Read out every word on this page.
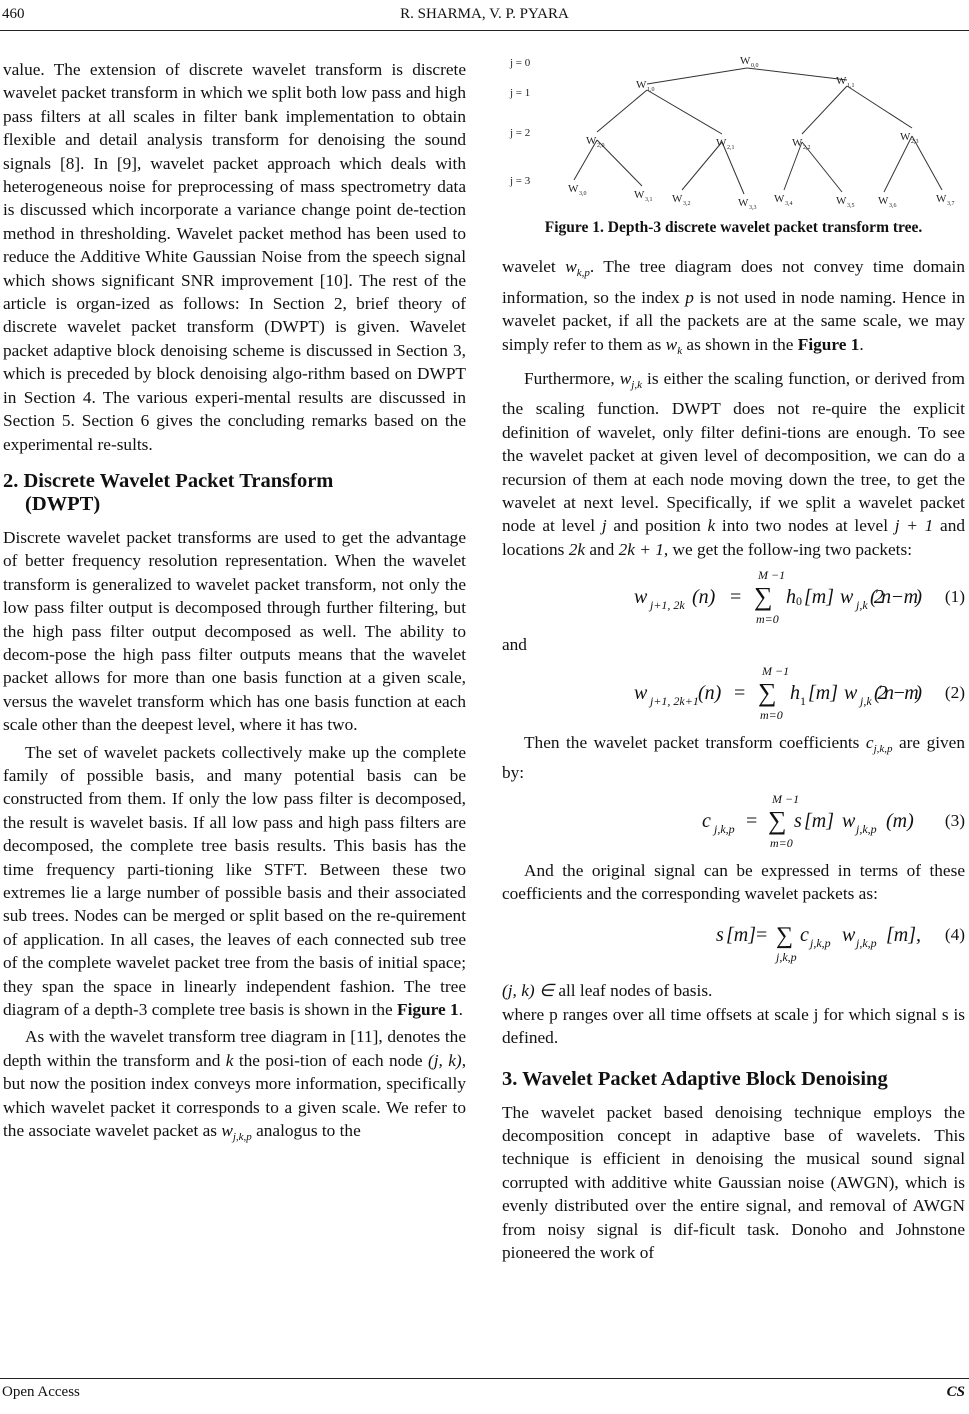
460	R. SHARMA, V. P. PYARA

value. The extension of discrete wavelet transform is discrete wavelet packet transform in which we split both low pass and high pass filters at all scales in filter bank implementation to obtain flexible and detail analysis transform for denoising the sound signals [8]. In [9], wavelet packet approach which deals with heterogeneous noise for preprocessing of mass spectrometry data is discussed which incorporate a variance change point de-tection method in thresholding. Wavelet packet method has been used to reduce the Additive White Gaussian Noise from the speech signal which shows significant SNR improvement [10]. The rest of the article is organ-ized as follows: In Section 2, brief theory of discrete wavelet packet transform (DWPT) is given. Wavelet packet adaptive block denoising scheme is discussed in Section 3, which is preceded by block denoising algo-rithm based on DWPT in Section 4. The various experi-mental results are discussed in Section 5. Section 6 gives the concluding remarks based on the experimental re-sults.

2. Discrete Wavelet Packet Transform
(DWPT)

Discrete wavelet packet transforms are used to get the advantage of better frequency resolution representation. When the wavelet transform is generalized to wavelet packet transform, not only the low pass filter output is decomposed through further filtering, but the high pass filter output decomposed as well. The ability to decom-pose the high pass filter outputs means that the wavelet packet allows for more than one basis function at a given scale, versus the wavelet transform which has one basis function at each scale other than the deepest level, where it has two.

The set of wavelet packets collectively make up the complete family of possible basis, and many potential basis can be constructed from them. If only the low pass filter is decomposed, the result is wavelet basis. If all low pass and high pass filters are decomposed, the complete tree basis results. This basis has the time frequency parti-tioning like STFT. Between these two extremes lie a large number of possible basis and their associated sub trees. Nodes can be merged or split based on the re-quirement of application. In all cases, the leaves of each connected sub tree of the complete wavelet packet tree from the basis of initial space; they span the space in linearly independent fashion. The tree diagram of a depth-3 complete tree basis is shown in the Figure 1.

As with the wavelet transform tree diagram in [11], denotes the depth within the transform and k the posi-tion of each node (j, k), but now the position index conveys more information, specifically which wavelet packet it corresponds to a given scale. We refer to the associate wavelet packet as $w_{j,k,p}$ analogus to the

j = 0
j = 1
j = 2
j = 3
W 0,0
W 1,0
W 1,1
W 2,0	W 2,1	W 2,2
W 2,3
W 3,0	W 3,1 W 3,2	W 3,3
W 3,4	W 3,5 W 3,6
W 3,7
Figure 1. Depth-3 discrete wavelet packet transform tree.

wavelet $w_{k,p}$. The tree diagram does not convey time domain information, so the index p is not used in node naming. Hence in wavelet packet, if all the packets are at the same scale, we may simply refer to them as $w_k$ as shown in the Figure 1.

Furthermore, $w_{j,k}$ is either the scaling function, or derived from the scaling function. DWPT does not re-quire the explicit definition of wavelet, only filter defini-tions are enough. To see the wavelet packet at given level of decomposition, we can do a recursion of them at each node moving down the tree, to get the wavelet at next level. Specifically, if we split a wavelet packet node at level j and position k into two nodes at level j + 1 and locations 2k and 2k + 1, we get the follow-ing two packets:

w j+1, 2k (n) =
M −1
∑
m=0
h 0 [m] w j,k (2n − m) (1)

and

w j+1, 2k+1 (n) =
M −1
∑
m=0
h 1 [m] w j,k (2n − m) (2)

Then the wavelet packet transform coefficients $c_{j,k,p}$ are given by:

c j,k,p =
M −1
∑
m=0
s [m] w j,k,p (m) (3)

And the original signal can be expressed in terms of these coefficients and the corresponding wavelet packets as:

s [m] = ∑
j,k,p
c j,k,p w j,k,p [m], (4)

(j, k) ∈ all leaf nodes of basis.

where p ranges over all time offsets at scale j for which signal s is defined.

3. Wavelet Packet Adaptive Block Denoising

The wavelet packet based denoising technique employs the decomposition concept in adaptive base of wavelets. This technique is efficient in denoising the musical sound signal corrupted with additive white Gaussian noise (AWGN), which is evenly distributed over the entire signal, and removal of AWGN from noisy signal is dif-ficult task. Donoho and Johnstone pioneered the work of

Open Access	CS
